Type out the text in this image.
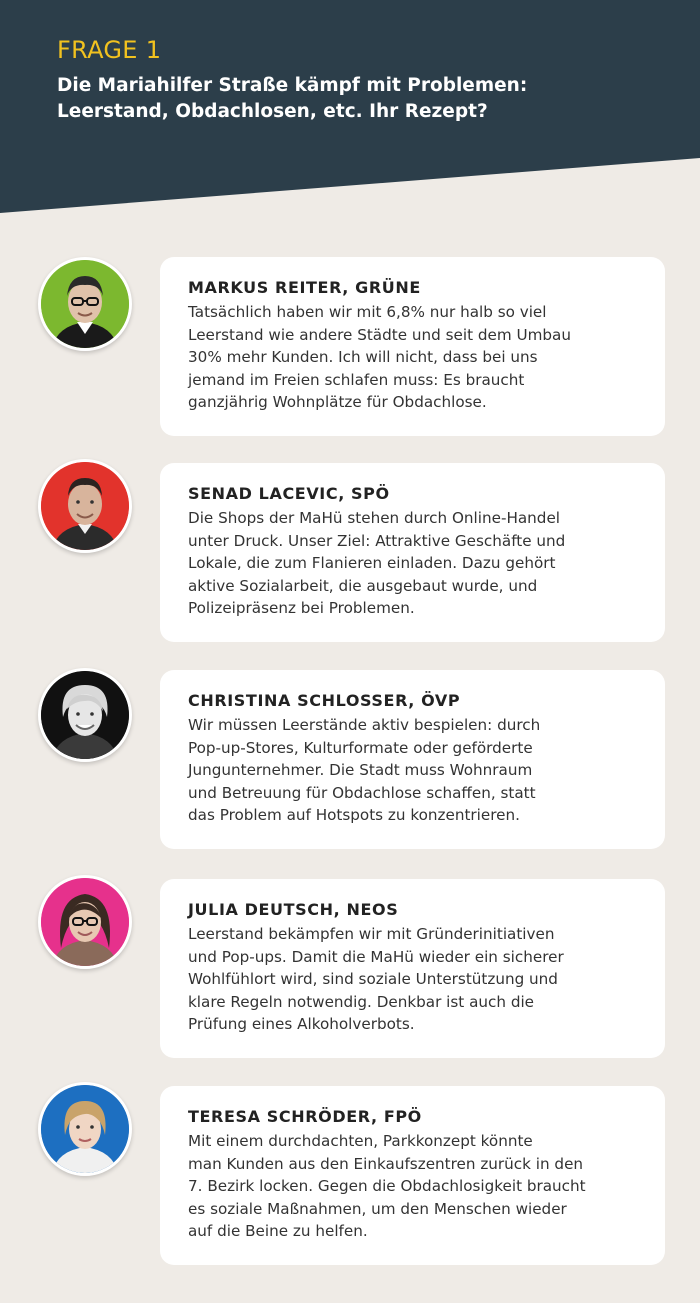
FRAGE 1
Die Mariahilfer Straße kämpf mit Problemen:
Leerstand, Obdachlosen, etc. Ihr Rezept?
MARKUS REITER, GRÜNE
Tatsächlich haben wir mit 6,8% nur halb so viel
Leerstand wie andere Städte und seit dem Umbau
30% mehr Kunden. Ich will nicht, dass bei uns
jemand im Freien schlafen muss: Es braucht
ganzjährig Wohnplätze für Obdachlose.
SENAD LACEVIC, SPÖ
Die Shops der MaHü stehen durch Online-Handel
unter Druck. Unser Ziel: Attraktive Geschäfte und
Lokale, die zum Flanieren einladen. Dazu gehört
aktive Sozialarbeit, die ausgebaut wurde, und
Polizeipräsenz bei Problemen.
CHRISTINA SCHLOSSER, ÖVP
Wir müssen Leerstände aktiv bespielen: durch
Pop-up-Stores, Kulturformate oder geförderte
Jungunternehmer. Die Stadt muss Wohnraum
und Betreuung für Obdachlose schaffen, statt
das Problem auf Hotspots zu konzentrieren.
JULIA DEUTSCH, NEOS
Leerstand bekämpfen wir mit Gründerinitiativen
und Pop-ups. Damit die MaHü wieder ein sicherer
Wohlfühlort wird, sind soziale Unterstützung und
klare Regeln notwendig. Denkbar ist auch die
Prüfung eines Alkoholverbots.
TERESA SCHRÖDER, FPÖ
Mit einem durchdachten, Parkkonzept könnte
man Kunden aus den Einkaufszentren zurück in den
7. Bezirk locken. Gegen die Obdachlosigkeit braucht
es soziale Maßnahmen, um den Menschen wieder
auf die Beine zu helfen.
